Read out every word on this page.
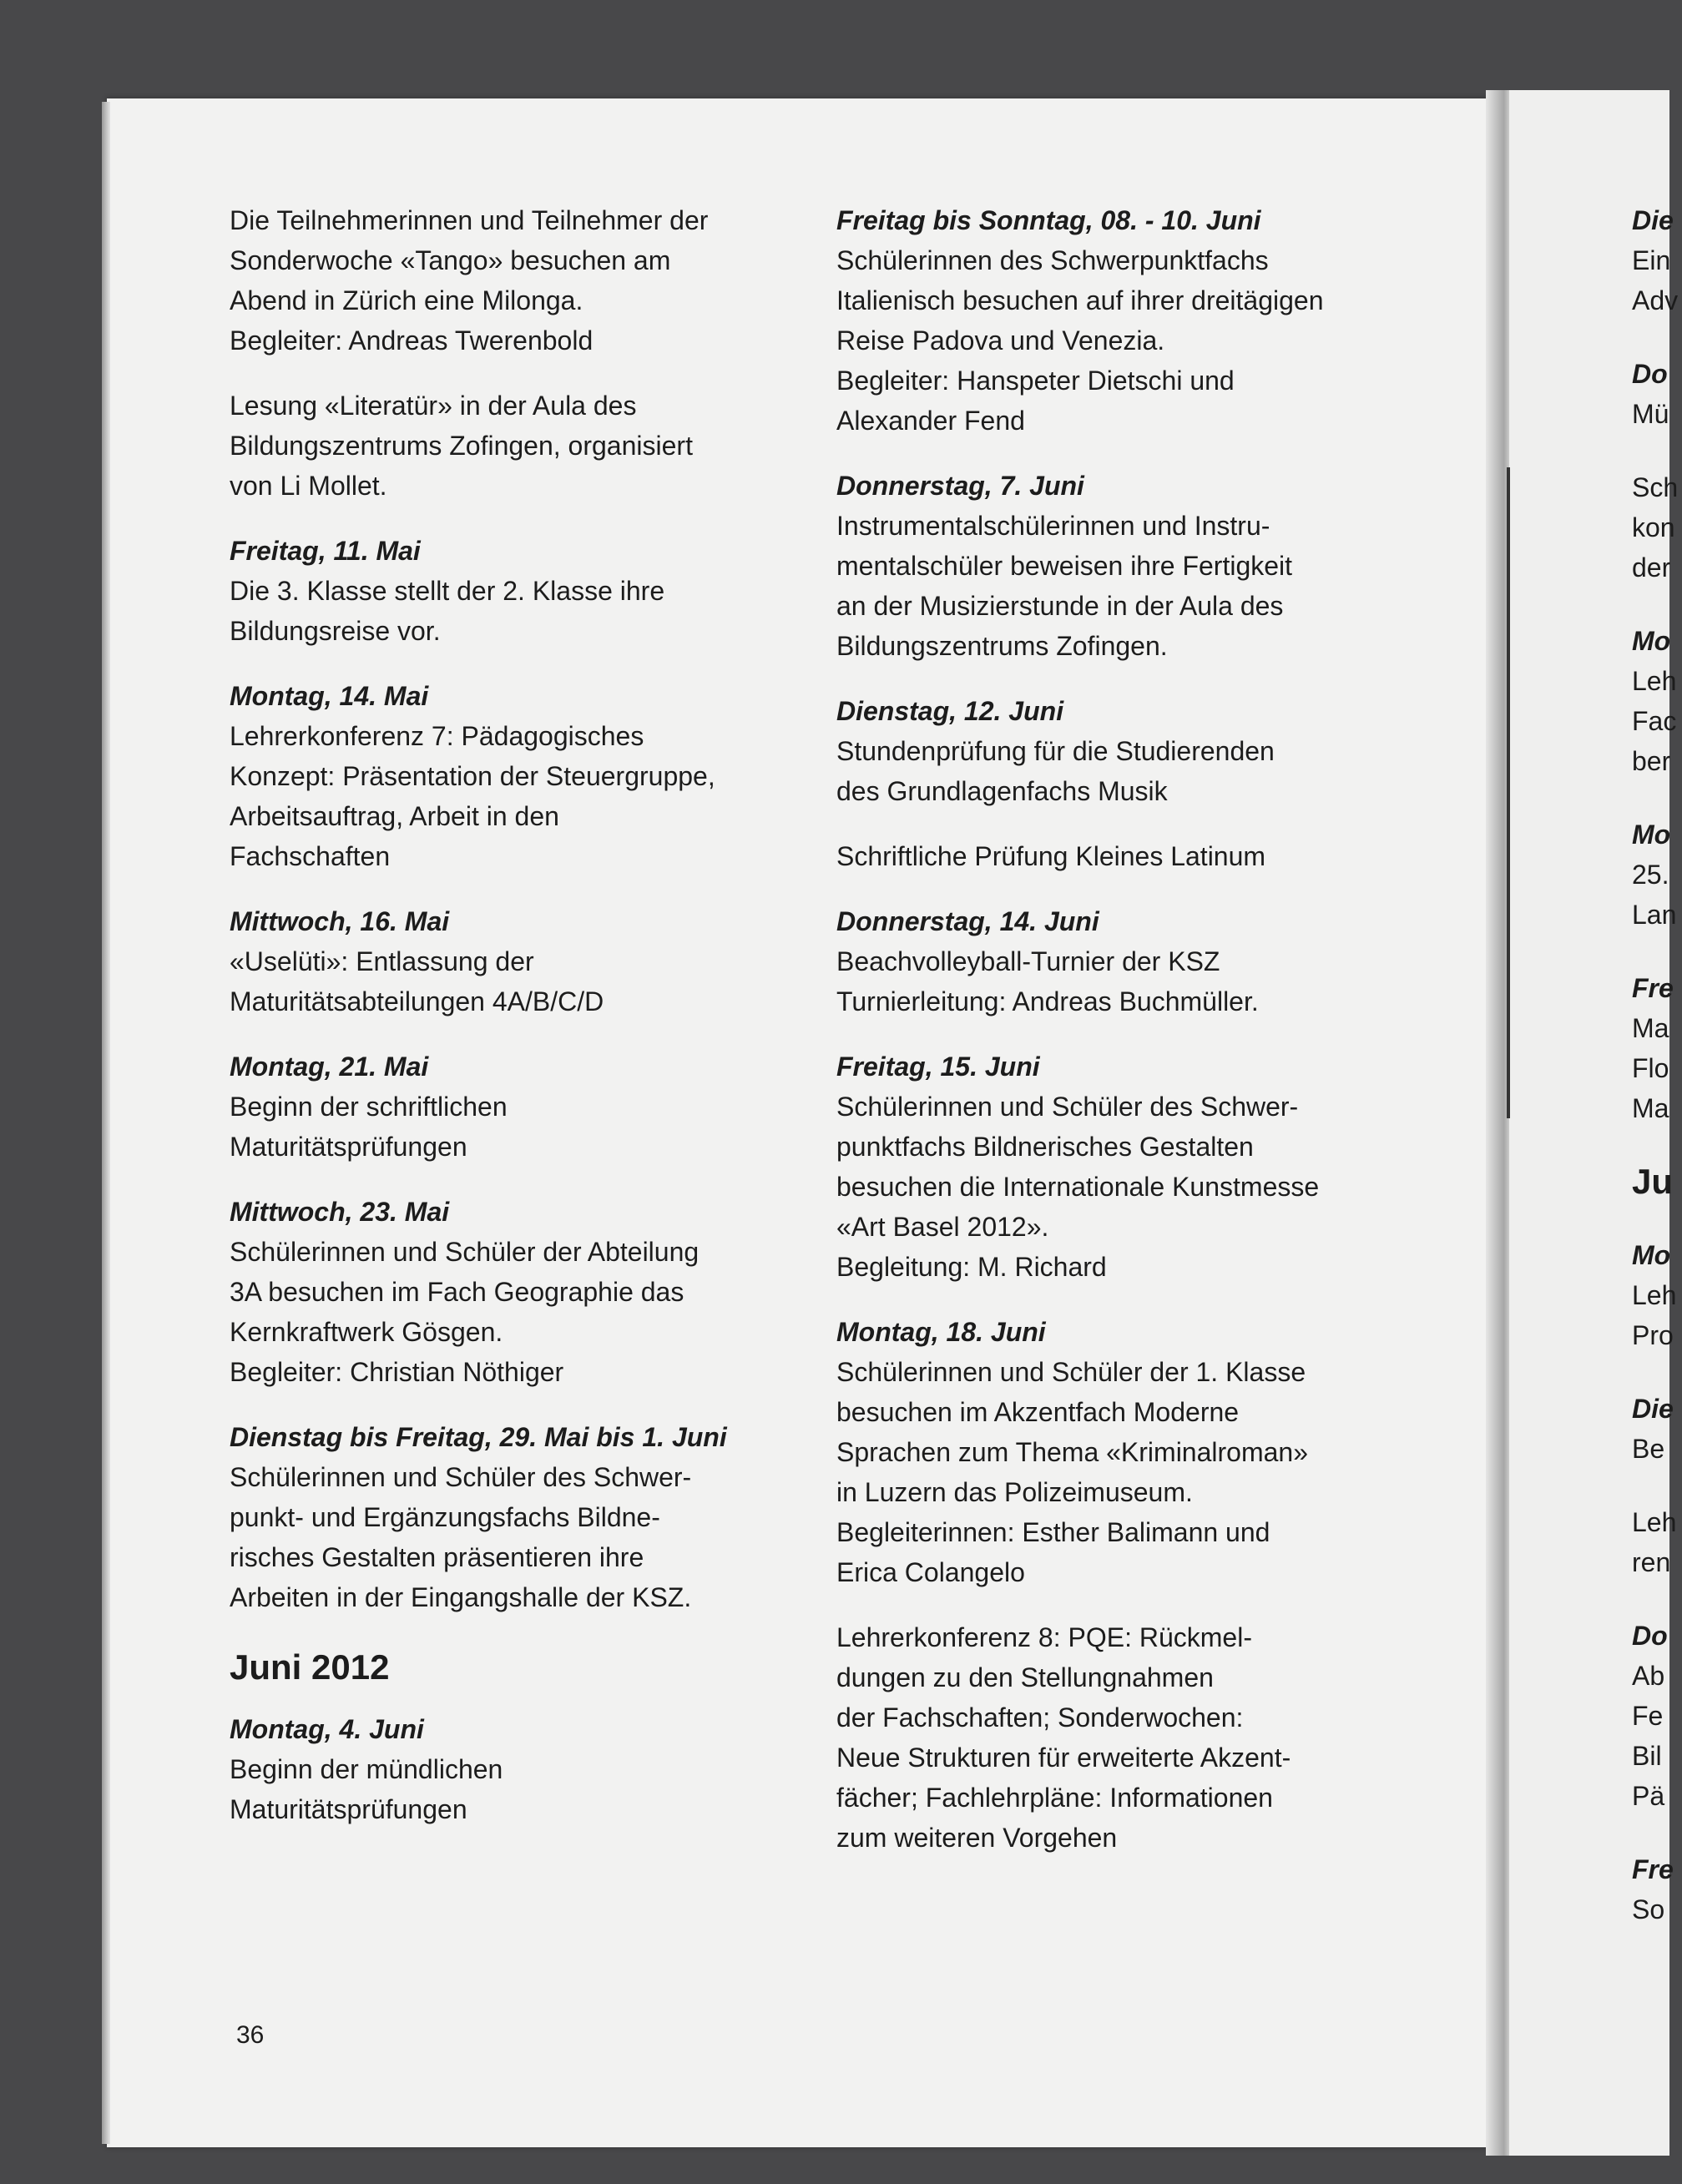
Die Teilnehmerinnen und Teilnehmer der
Sonderwoche «Tango» besuchen am
Abend in Zürich eine Milonga.
Begleiter: Andreas Twerenbold
Lesung «Literatür» in der Aula des
Bildungszentrums Zofingen, organisiert
von Li Mollet.
Freitag, 11. Mai
Die 3. Klasse stellt der 2. Klasse ihre
Bildungsreise vor.
Montag, 14. Mai
Lehrerkonferenz 7: Pädagogisches
Konzept: Präsentation der Steuergruppe,
Arbeitsauftrag, Arbeit in den
Fachschaften
Mittwoch, 16. Mai
«Uselüti»: Entlassung der
Maturitätsabteilungen 4A/B/C/D
Montag, 21. Mai
Beginn der schriftlichen
Maturitätsprüfungen
Mittwoch, 23. Mai
Schülerinnen und Schüler der Abteilung
3A besuchen im Fach Geographie das
Kernkraftwerk Gösgen.
Begleiter: Christian Nöthiger
Dienstag bis Freitag, 29. Mai bis 1. Juni
Schülerinnen und Schüler des Schwer-
punkt- und Ergänzungsfachs Bildne-
risches Gestalten präsentieren ihre
Arbeiten in der Eingangshalle der KSZ.
Juni 2012
Montag, 4. Juni
Beginn der mündlichen
Maturitätsprüfungen
Freitag bis Sonntag, 08. - 10. Juni
Schülerinnen des Schwerpunktfachs
Italienisch besuchen auf ihrer dreitägigen
Reise Padova und Venezia.
Begleiter: Hanspeter Dietschi und
Alexander Fend
Donnerstag, 7. Juni
Instrumentalschülerinnen und Instru-
mentalschüler beweisen ihre Fertigkeit
an der Musizierstunde in der Aula des
Bildungszentrums Zofingen.
Dienstag, 12. Juni
Stundenprüfung für die Studierenden
des Grundlagenfachs Musik
Schriftliche Prüfung Kleines Latinum
Donnerstag, 14. Juni
Beachvolleyball-Turnier der KSZ
Turnierleitung: Andreas Buchmüller.
Freitag, 15. Juni
Schülerinnen und Schüler des Schwer-
punktfachs Bildnerisches Gestalten
besuchen die Internationale Kunstmesse
«Art Basel 2012».
Begleitung: M. Richard
Montag, 18. Juni
Schülerinnen und Schüler der 1. Klasse
besuchen im Akzentfach Moderne
Sprachen zum Thema «Kriminalroman»
in Luzern das Polizeimuseum.
Begleiterinnen: Esther Balimann und
Erica Colangelo
Lehrerkonferenz 8: PQE: Rückmel-
dungen zu den Stellungnahmen
der Fachschaften; Sonderwochen:
Neue Strukturen für erweiterte Akzent-
fächer; Fachlehrpläne: Informationen
zum weiteren Vorgehen
Die
Ein
Adv
Do
Mü
Sch
kon
der
Mo
Leh
Fac
ber
Mo
25.
Lan
Fre
Ma
Flo
Ma
Ju
Mo
Leh
Pro
Die
Be
Leh
ren
Do
Ab
Fe
Bil
Pä
Fre
So
36
